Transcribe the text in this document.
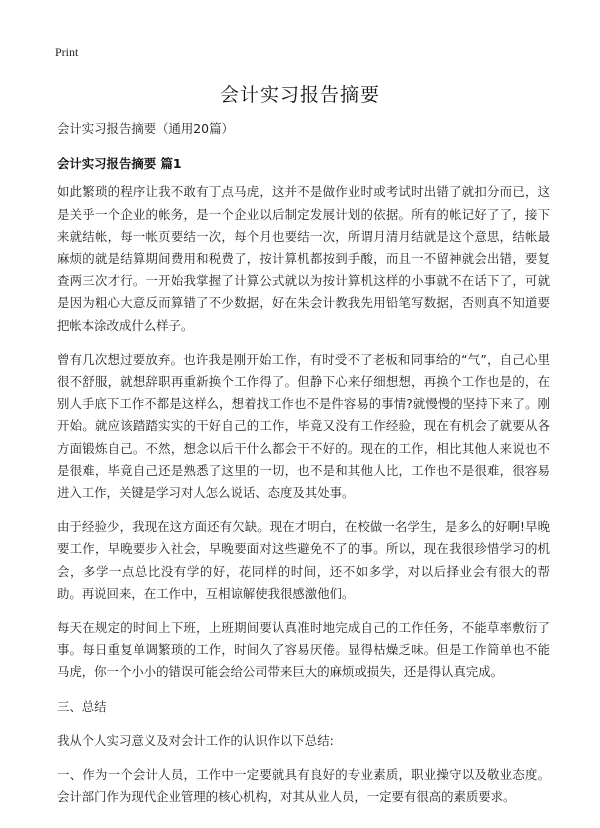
Print
会计实习报告摘要

会计实习报告摘要（通用20篇）

会计实习报告摘要 篇1

如此繁琐的程序让我不敢有丁点马虎，这并不是做作业时或考试时出错了就扣分而已，这是关乎一个企业的帐务，是一个企业以后制定发展计划的依据。所有的帐记好了了，接下来就结帐，每一帐页要结一次，每个月也要结一次，所谓月清月结就是这个意思，结帐最麻烦的就是结算期间费用和税费了，按计算机都按到手酸，而且一不留神就会出错，要复查两三次才行。一开始我掌握了计算公式就以为按计算机这样的小事就不在话下了，可就是因为粗心大意反而算错了不少数据，好在朱会计教我先用铅笔写数据，否则真不知道要把帐本涂改成什么样子。

曾有几次想过要放弃。也许我是刚开始工作，有时受不了老板和同事给的“气”，自己心里很不舒服，就想辞职再重新换个工作得了。但静下心来仔细想想，再换个工作也是的，在别人手底下工作不都是这样么，想着找工作也不是件容易的事情?就慢慢的坚持下来了。刚开始。就应该踏踏实实的干好自己的工作，毕竟又没有工作经验，现在有机会了就要从各方面锻炼自己。不然，想念以后干什么都会干不好的。现在的工作，相比其他人来说也不是很难，毕竟自己还是熟悉了这里的一切，也不是和其他人比，工作也不是很难，很容易进入工作，关键是学习对人怎么说话、态度及其处事。

由于经验少，我现在这方面还有欠缺。现在才明白，在校做一名学生，是多么的好啊!早晚要工作，早晚要步入社会，早晚要面对这些避免不了的事。所以，现在我很珍惜学习的机会，多学一点总比没有学的好，花同样的时间，还不如多学，对以后择业会有很大的帮助。再说回来，在工作中，互相谅解使我很感激他们。

每天在规定的时间上下班，上班期间要认真准时地完成自己的工作任务，不能草率敷衍了事。每日重复单调繁琐的工作，时间久了容易厌倦。显得枯燥乏味。但是工作简单也不能马虎，你一个小小的错误可能会给公司带来巨大的麻烦或损失，还是得认真完成。

三、总结

我从个人实习意义及对会计工作的认识作以下总结:

一、作为一个会计人员，工作中一定要就具有良好的专业素质，职业操守以及敬业态度。会计部门作为现代企业管理的核心机构，对其从业人员，一定要有很高的素质要求。
